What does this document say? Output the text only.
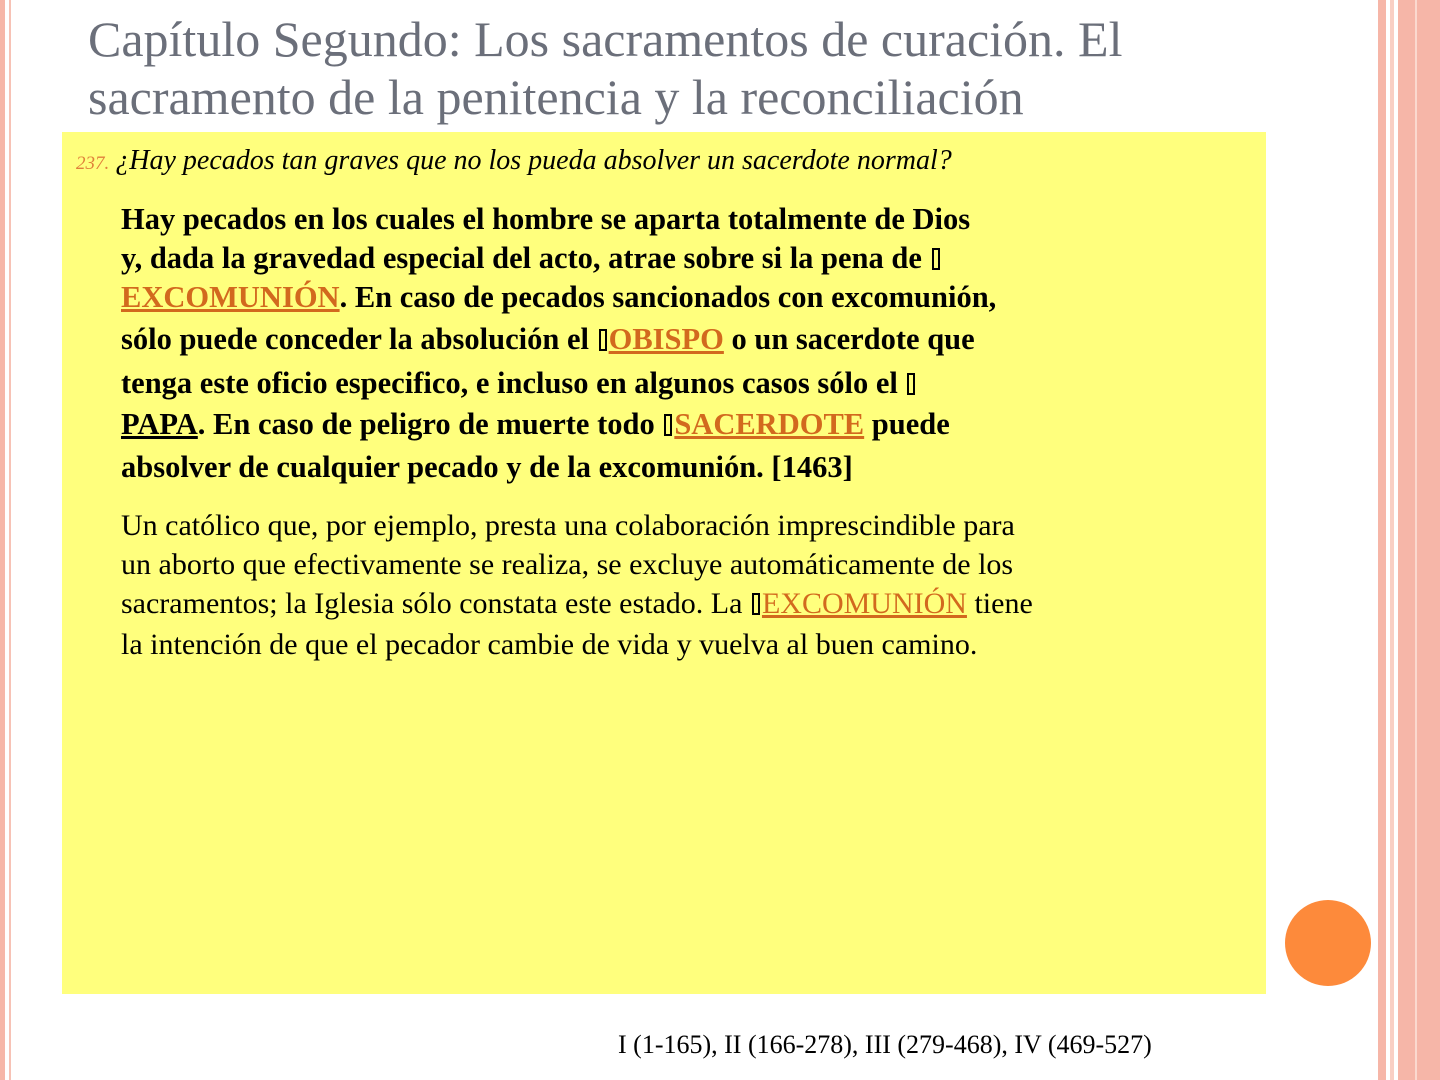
Capítulo Segundo: Los sacramentos de curación. El
sacramento de la penitencia y la reconciliación
237. ¿Hay pecados tan graves que no los pueda absolver un sacerdote normal?
Hay pecados en los cuales el hombre se aparta totalmente de Dios
y, dada la gravedad especial del acto, atrae sobre si la pena de
EXCOMUNIÓN. En caso de pecados sancionados con excomunión,
sólo puede conceder la absolución el OBISPO o un sacerdote que
tenga este oficio especifico, e incluso en algunos casos sólo el
PAPA. En caso de peligro de muerte todo SACERDOTE puede
absolver de cualquier pecado y de la excomunión. [1463]
Un católico que, por ejemplo, presta una colaboración imprescindible para
un aborto que efectivamente se realiza, se excluye automáticamente de los
sacramentos; la Iglesia sólo constata este estado. La EXCOMUNIÓN tiene
la intención de que el pecador cambie de vida y vuelva al buen camino.
I (1-165), II (166-278), III (279-468), IV (469-527)
